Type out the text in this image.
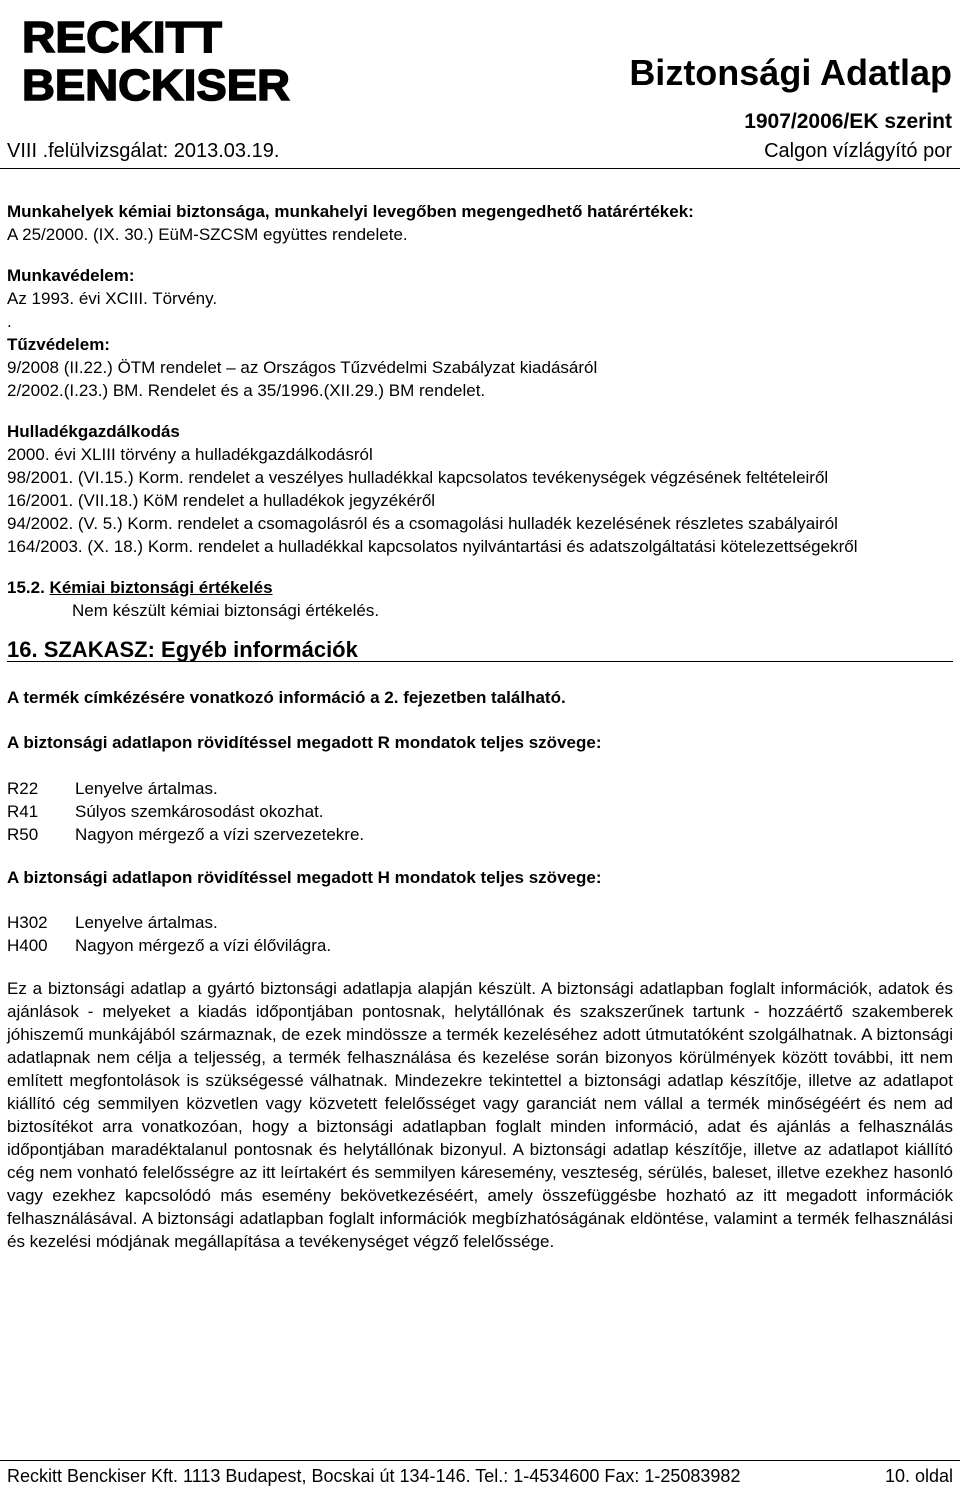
RECKITT
BENCKISER	Biztonsági Adatlap
1907/2006/EK szerint
VIII .felülvizsgálat: 2013.03.19.	Calgon vízlágyító por
Munkahelyek kémiai biztonsága, munkahelyi levegőben megengedhető határértékek:
A 25/2000. (IX. 30.) EüM-SZCSM együttes rendelete.
Munkavédelem:
Az 1993. évi XCIII. Törvény.
.
Tűzvédelem:
9/2008 (II.22.) ÖTM rendelet – az Országos Tűzvédelmi Szabályzat kiadásáról
2/2002.(I.23.) BM. Rendelet és a 35/1996.(XII.29.) BM rendelet.
Hulladékgazdálkodás
2000. évi XLIII törvény a hulladékgazdálkodásról
98/2001. (VI.15.) Korm. rendelet a veszélyes hulladékkal kapcsolatos tevékenységek végzésének feltételeiről
16/2001. (VII.18.) KöM rendelet a hulladékok jegyzékéről
94/2002. (V. 5.) Korm. rendelet a csomagolásról és a csomagolási hulladék kezelésének részletes szabályairól
164/2003. (X. 18.) Korm. rendelet a hulladékkal kapcsolatos nyilvántartási és adatszolgáltatási kötelezettségekről
15.2. Kémiai biztonsági értékelés
Nem készült kémiai biztonsági értékelés.
16. SZAKASZ: Egyéb információk
A termék címkézésére vonatkozó információ a 2. fejezetben található.
A biztonsági adatlapon rövidítéssel megadott R mondatok teljes szövege:
R22	Lenyelve ártalmas.
R41	Súlyos szemkárosodást okozhat.
R50	Nagyon mérgező a vízi szervezetekre.
A biztonsági adatlapon rövidítéssel megadott H mondatok teljes szövege:
H302	Lenyelve ártalmas.
H400	Nagyon mérgező a vízi élővilágra.
Ez a biztonsági adatlap a gyártó biztonsági adatlapja alapján készült. A biztonsági adatlapban foglalt információk, adatok és ajánlások - melyeket a kiadás időpontjában pontosnak, helytállónak és szakszerűnek tartunk - hozzáértő szakemberek jóhiszemű munkájából származnak, de ezek mindössze a termék kezeléséhez adott útmutatóként szolgálhatnak. A biztonsági adatlapnak nem célja a teljesség, a termék felhasználása és kezelése során bizonyos körülmények között további, itt nem említett megfontolások is szükségessé válhatnak. Mindezekre tekintettel a biztonsági adatlap készítője, illetve az adatlapot kiállító cég semmilyen közvetlen vagy közvetett felelősséget vagy garanciát nem vállal a termék minőségéért és nem ad biztosítékot arra vonatkozóan, hogy a biztonsági adatlapban foglalt minden információ, adat és ajánlás a felhasználás időpontjában maradéktalanul pontosnak és helytállónak bizonyul. A biztonsági adatlap készítője, illetve az adatlapot kiállító cég nem vonható felelősségre az itt leírtakért és semmilyen káresemény, veszteség, sérülés, baleset, illetve ezekhez hasonló vagy ezekhez kapcsolódó más esemény bekövetkezéséért, amely összefüggésbe hozható az itt megadott információk felhasználásával. A biztonsági adatlapban foglalt információk megbízhatóságának eldöntése, valamint a termék felhasználási és kezelési módjának megállapítása a tevékenységet végző felelőssége.
Reckitt Benckiser Kft. 1113 Budapest, Bocskai út 134-146. Tel.: 1-4534600 Fax: 1-25083982	10. oldal
